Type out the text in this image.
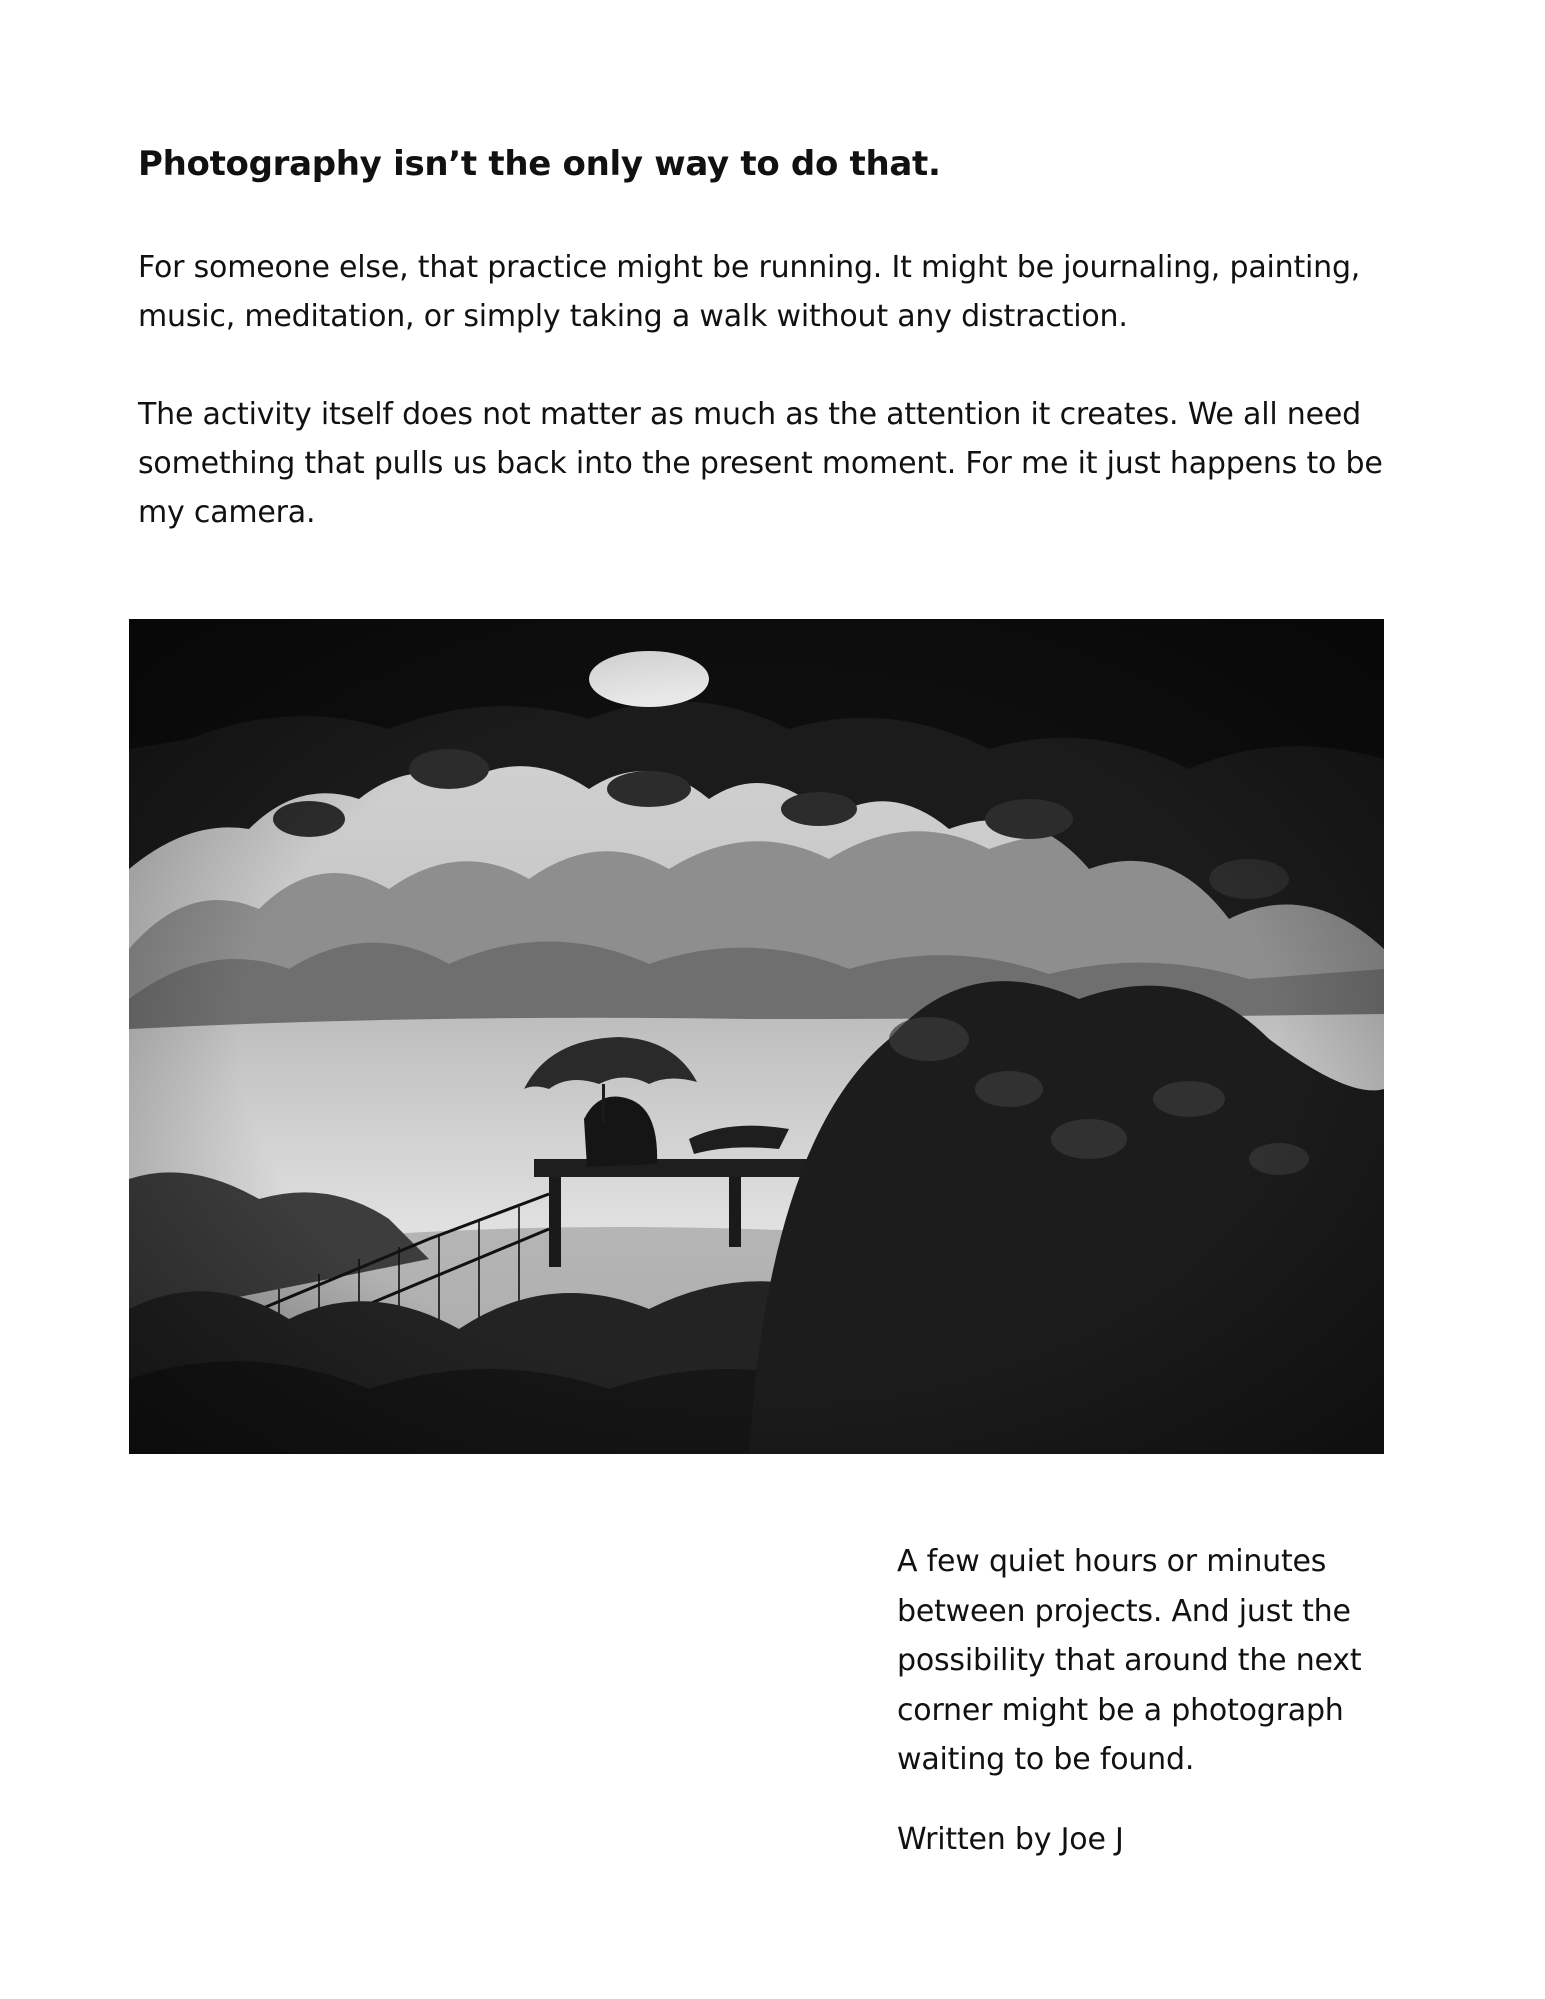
Photography isn’t the only way to do that.

For someone else, that practice might be running. It might be journaling, painting, music, meditation, or simply taking a walk without any distraction.

The activity itself does not matter as much as the attention it creates. We all need something that pulls us back into the present moment. For me it just happens to be my camera.

A few quiet hours or minutes between projects. And just the possibility that around the next corner might be a photograph waiting to be found.

Written by Joe J
